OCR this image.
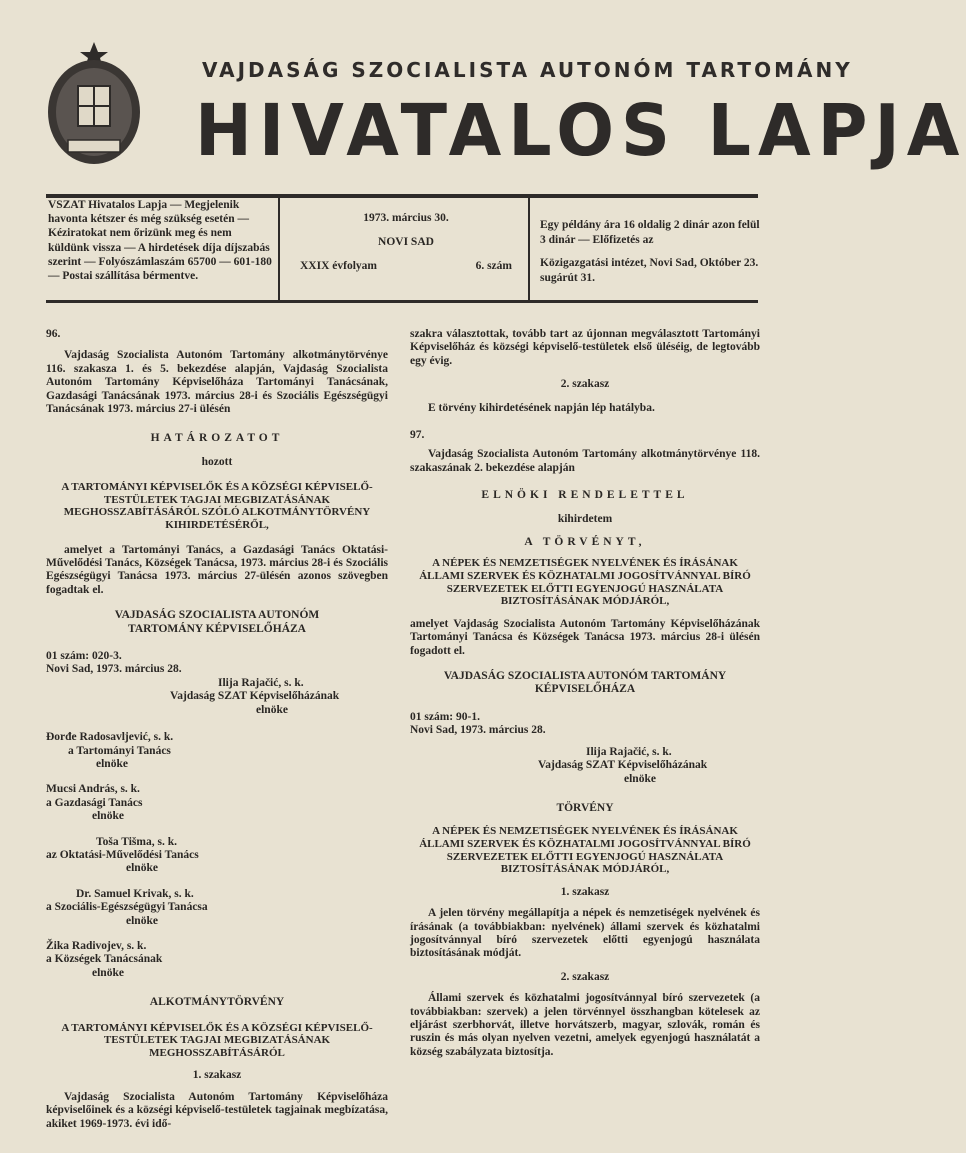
VAJDASÁG SZOCIALISTA AUTONÓM TARTOMÁNY
HIVATALOS LAPJA
VSZAT Hivatalos Lapja — Megjelenik havonta kétszer és még szükség esetén — Kéziratokat nem őrizünk meg és nem küldünk vissza — A hirdetések díja díjszabás szerint — Folyószámlaszám 65700 — 601-180 — Postai szállítása bérmentve.
1973. március 30.
NOVI SAD
XXIX évfolyam	6. szám
Egy példány ára 16 oldalig 2 dinár azon felül 3 dinár — Előfizetés az
Közigazgatási intézet, Novi Sad, Október 23. sugárút 31.

96.

Vajdaság Szocialista Autonóm Tartomány alkotmánytörvénye 116. szakasza 1. és 5. bekezdése alapján, Vajdaság Szocialista Autonóm Tartomány Képviselőháza Tartományi Tanácsának, Gazdasági Tanácsának 1973. március 28-i és Szociális Egészségügyi Tanácsának 1973. március 27-i ülésén

HATÁROZATOT

hozott

A TARTOMÁNYI KÉPVISELŐK ÉS A KÖZSÉGI KÉPVISELŐ-TESTÜLETEK TAGJAI MEGBIZATÁSÁNAK MEGHOSSZABÍTÁSÁRÓL SZÓLÓ ALKOTMÁNYTÖRVÉNY KIHIRDETÉSÉRŐL,

amelyet a Tartományi Tanács, a Gazdasági Tanács Oktatási-Művelődési Tanács, Községek Tanácsa, 1973. március 28-i és Szociális Egészségügyi Tanácsa 1973. március 27-ülésén azonos szövegben fogadtak el.

VAJDASÁG SZOCIALISTA AUTONÓM TARTOMÁNY KÉPVISELŐHÁZA

01 szám: 020-3.

Novi Sad, 1973. március 28.

Ilija Rajačić, s. k.

Vajdaság SZAT Képviselőházának

elnöke

Đorđe Radosavljević, s. k.

a Tartományi Tanács

elnöke

Mucsi András, s. k.

a Gazdasági Tanács

elnöke

Toša Tišma, s. k.

az Oktatási-Művelődési Tanács

elnöke

Dr. Samuel Krivak, s. k.

a Szociális-Egészségügyi Tanácsa

elnöke

Žika Radivojev, s. k.

a Községek Tanácsának

elnöke

ALKOTMÁNYTÖRVÉNY

A TARTOMÁNYI KÉPVISELŐK ÉS A KÖZSÉGI KÉPVISELŐ-TESTÜLETEK TAGJAI MEGBIZATÁSÁNAK MEGHOSSZABÍTÁSÁRÓL

1. szakasz

Vajdaság Szocialista Autonóm Tartomány Képviselőháza képviselőinek és a községi képviselő-testületek tagjainak megbízatása, akiket 1969-1973. évi idő-

szakra választottak, tovább tart az újonnan megválasztott Tartományi Képviselőház és községi képviselő-testületek első üléséig, de legtovább egy évig.

2. szakasz

E törvény kihirdetésének napján lép hatályba.

97.

Vajdaság Szocialista Autonóm Tartomány alkotmánytörvénye 118. szakaszának 2. bekezdése alapján

ELNÖKI RENDELETTEL

kihirdetem

A TÖRVÉNYT,

A NÉPEK ÉS NEMZETISÉGEK NYELVÉNEK ÉS ÍRÁSÁNAK ÁLLAMI SZERVEK ÉS KÖZHATALMI JOGOSÍTVÁNNYAL BÍRÓ SZERVEZETEK ELŐTTI EGYENJOGÚ HASZNÁLATA BIZTOSÍTÁSÁNAK MÓDJÁRÓL,

amelyet Vajdaság Szocialista Autonóm Tartomány Képviselőházának Tartományi Tanácsa és Községek Tanácsa 1973. március 28-i ülésén fogadott el.

VAJDASÁG SZOCIALISTA AUTONÓM TARTOMÁNY KÉPVISELŐHÁZA

01 szám: 90-1.

Novi Sad, 1973. március 28.

Ilija Rajačić, s. k.

Vajdaság SZAT Képviselőházának

elnöke

TÖRVÉNY

A NÉPEK ÉS NEMZETISÉGEK NYELVÉNEK ÉS ÍRÁSÁNAK ÁLLAMI SZERVEK ÉS KÖZHATALMI JOGOSÍTVÁNNYAL BÍRÓ SZERVEZETEK ELŐTTI EGYENJOGÚ HASZNÁLATA BIZTOSÍTÁSÁNAK MÓDJÁRÓL,

1. szakasz

A jelen törvény megállapítja a népek és nemzetiségek nyelvének és írásának (a továbbiakban: nyelvének) állami szervek és közhatalmi jogosítvánnyal bíró szervezetek előtti egyenjogú használata biztosításának módját.

2. szakasz

Állami szervek és közhatalmi jogosítvánnyal bíró szervezetek (a továbbiakban: szervek) a jelen törvénnyel összhangban kötelesek az eljárást szerbhorvát, illetve horvátszerb, magyar, szlovák, román és ruszin és más olyan nyelven vezetni, amelyek egyenjogú használatát a község szabályzata biztosítja.
